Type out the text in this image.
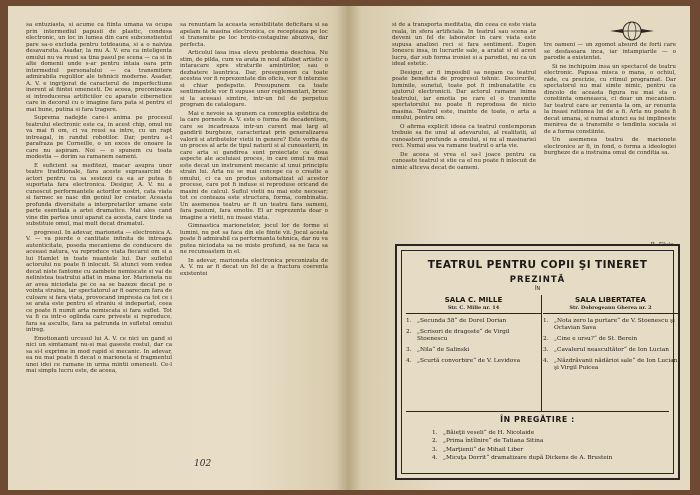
sa entuziasta, si acume ca fiinta umana va ocupa prin intermediul papusii de plastic, condusa electronic, un loc in lumea din care subconstientul pare sa-o excluda pentru totdeauna, si a o naiviza desavarsita. Asadar, la mu A. V. era ca inteligenta omului nu va reusi sa tina pasul pe scena — ca si in alte domenii unde s-ar pentru intaia oara prin intermediul personalului — ca transmitere admirabila regulilor ale tehnicii moderne. Asadar, A. V. e ingrijorat de caracterul de imperfectiune inerent al fiintei omenesti. De aceea, preconizeaza si introducerea artificiilor cu aparate cibernetice care in decorul cu o imagine fara pata si pentru el mai bune, putina si fara tragere.

Suprema nadejde care-i anima pe procesul teatrului electronic este ca, in acest chip, omul nu va mai fi om, ci va reusi sa intre, cu un rapt intreagal, in randul robotilor. Dar, pentru a-l parafraza pe Corneille, o un exces de onoare la care nu aspiram. Noi — o spunem cu toata modestia — dorim sa ramanem oameni.

E suficient sa meditezi, macar asupra unor teatre traditionale, fara aceste suprasarcini de actori pentru ca sa sesizezi ca ea ar putea fi suportata fara electronica. Desigur, A. V. nu a cunoscut performantele actorilor nostri, cata viata si farmec se nasc din geniul lor creator. Aceasta profunda diversitate a interpretarilor umane este parte esentiala a artei dramatice. Mai ales cand vine din partea unui aparat ca acesta, care tinde sa substituie omul, mai mult decat dramatul.

progresul. In adevar, marioneta — electronica A. V. — va pierde o cantitate infinita de intreaga autenticitate, poseda mecanisme de conducere de aceeasi natura, va reproduce viata fiecarui om si a lui Hamlet in toate nuantele lui. Dar sufletul actorului nu poate fi inlocuit. Si atunci vom vedea decat niste fantome cu zambete nemiscate si vai de nelinistea teatrului aflat in mana lor. Marioneta nu ar avea niciodata pe ce sa se bazeze decat pe o vointa straina, iar spectatorul ar fi oarecum fara de culoare si fara viata, provocand impresia ca tot ce i se arata este pentru el straniu si indepartat, ceea ce poate fi numit arta nemiscata si fara suflet. Tot va fi ca intr-o oglinda care priveste si reproduce, fara sa asculte, fara sa patrunda in sufletul omului intreg.

Emotionanti urcusul lui A. V. ce nici un gand si nici un simtamant nu-si mai gaseste rostul, dar ca sa si-l exprime in mod rapid si mecanic. In adevar, ea nu mai poate fi decat o marioneta si fragmentul unei idei ce ramane in urma mintii omenesti. Ce-l mai simplu lucru este, de aceea,

sa renuntam la aceasta sensibilitate deficitara si sa apelam la masina electronica, ce recepteaza pe loc si transmite pe loc bruto-costaguine abuziva, dar perfecta.

Articolul lasa insa elevu problema deschisa. Nu stim, de pilda, cum va arata in noul alfabet artistic o intaracare spre straturile amintirilor, sau o dezbatere launtrica. Dar, presupunem ca toate acestea vor fi reprezentate din oficiu, vor fi interzise si chiar pedepsite. Presupunem ca toate sentimentele vor fi supuse unor reglementari, brusc si la aceeasi simtire, intr-un fel de perpetuu program de catalogare.

Mai e nevoie sa spunem ca conceptia estetica de la care porneste A. V. este o forma de decadentism, care se incadreaza intr-un curent mai larg al gandirii burgheze, caracterizat prin generalizarea valorii si atributelor vietii in genere? Este vorba de un proces al arte de tipul naturii si al cunoasterii, in care arta si gandirea sunt proiectate ca doua aspecte ale aceluiasi proces, in care omul nu mai este decat un instrument mecanic al unui principiu strain lui. Arta nu se mai concepe ca o creatie a omului, ci ca un produs automatizat al acestor procese, care pot fi induse si reproduse oricand de masini de calcul. Suflul vietii nu mai este necesar; tot ce conteaza este structura, forma, combinatia. Un asemenea teatru ar fi un teatru fara oameni, fara pasiuni, fara emotie. El ar reprezenta doar o imagine a vietii, nu insasi viata.

Gimnastica marionetelor, jocul lor de forme si lumini, nu pot sa faca din ele fiinte vii. Jocul acesta poate fi admirabil ca performanta tehnica, dar nu va putea niciodata sa ne miste profund, sa ne faca sa ne recunoastem in el.

In adevar, marioneta electronica preconizata de A. V. nu ar fi decat un fel de a fractura coerenta existentei

102

si de a transporta meditatia, din ceea ce este viata reala, in sfera artificiala. In teatrul sau scena ar deveni un fel de laborator in care viata este supusa analizei reci si fara sentiment. Eugen Ionescu insa, in lucrarile sale, a aratat si el acest lucru, dar sub forma ironiei si a parodiei, nu ca un ideal estetic.

Desigur, ar fi imposibil sa negam ca teatrul poate beneficia de progresul tehnic. Decorurile, luminile, sunetul, toate pot fi imbunatatite cu ajutorul electronicii. Dar actorul ramane inima teatrului, iar emotia pe care el o transmite spectatorului nu poate fi reprodusa de nicio masina. Teatrul este, inainte de toate, o arta a omului, pentru om.

O afirma explicit ideea ca teatrul contemporan trebuie sa fie unul al adevarului, al realitatii, al cunoasterii profunde a omului, si nu al masinariei reci. Numai asa va ramane teatrul o arta vie.

De aceea si vrea el sa-l joace pentru ca cunoaste teatrul si stie ca el nu poate fi inlocuit de nimic altceva decat de oameni.

tre oameni — un zgomot absurd de forti care se desfasoara inca, iar intampiarile — o parodie a existentei.

Si ne inchipuim insa un spectacol de teatru electronic. Papusa misca o mana, o ochiul, rade, cu precizie, cu ritmul programat. Dar spectatorul nu mai simte nimic, pentru ca dincolo de aceasta figura nu mai sta o constiinta omeneasca, ci doar un mecanism. Iar teatrul care ar renunta la om, ar renunta la insasi ratiunea lui de a fi. Arta nu poate fi decat umana, si numai atunci ea isi implineste menirea de a transmite o tendinta sociala si de a forma constiinte.

Un asemenea teatru de marionete electronice ar fi, in fond, o forma a ideologiei burgheze de a instraina omul de conditia sa.

TEATRUL PENTRU COPII ŞI TINERET
PREZINTĂ
ÎN
SALA C. MILLE
Str. C. Mille nr. 14
1. „Secunda 58“ de Dorel Dorian
2. „Scrisori de dragoste“ de Virgil Stoenescu
3. „Nila“ de Salinski
4. „Scurtă convorbire“ de V. Levidova
SALA LIBERTATEA
Str. Dobrogeanu Gherea nr. 2
1. „Nota zero la purtare“ de V. Stoenescu şi Octavian Sava
2. „Cine e ursu?“ de St. Berein
3. „Cavalerul neascultător“ de Ion Lucian
4. „Năzdrăvanii nădărioi sale“ de Ion Lucian şi Virgil Puicea
ÎN PREGĂTIRE :
1. „Băieţii veseli“ de H. Nicolaide
2. „Prima întîlnire“ de Tatiana Sitina
3. „Marţienii“ de Mihail Liber
4. „Micuţa Dorrit“ dramatizare după Dickens de A. Brustein
